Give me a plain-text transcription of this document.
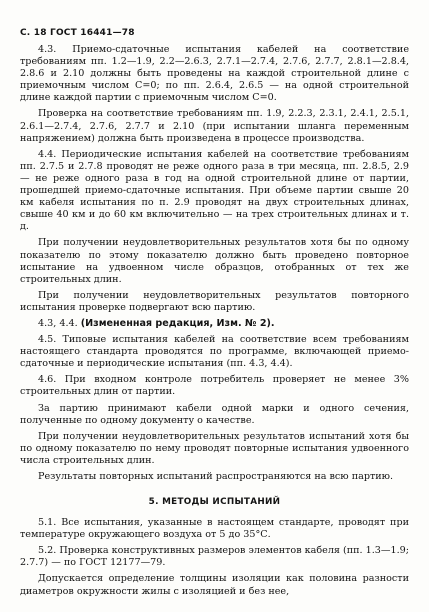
С. 18 ГОСТ 16441—78

4.3. Приемо-сдаточные испытания кабелей на соответствие требованиям пп. 1.2—1.9, 2.2—2.6.3, 2.7.1—2.7.4, 2.7.6, 2.7.7, 2.8.1—2.8.4, 2.8.6 и 2.10 должны быть проведены на каждой строительной длине с приемочным числом С=0; по пп. 2.6.4, 2.6.5 — на одной строительной длине каждой партии с приемочным числом С=0.

Проверка на соответствие требованиям пп. 1.9, 2.2.3, 2.3.1, 2.4.1, 2.5.1, 2.6.1—2.7.4, 2.7.6, 2.7.7 и 2.10 (при испытании шланга переменным напряжением) должна быть произведена в процессе производства.

4.4. Периодические испытания кабелей на соответствие требованиям пп. 2.7.5 и 2.7.8 проводят не реже одного раза в три месяца, пп. 2.8.5, 2.9 — не реже одного раза в год на одной строительной длине от партии, прошедшей приемо-сдаточные испытания. При объеме партии свыше 20 км кабеля испытания по п. 2.9 проводят на двух строительных длинах, свыше 40 км и до 60 км включительно — на трех строительных длинах и т. д.

При получении неудовлетворительных результатов хотя бы по одному показателю по этому показателю должно быть проведено повторное испытание на удвоенном числе образцов, отобранных от тех же строительных длин.

При получении неудовлетворительных результатов повторного испытания проверке подвергают всю партию.

4.3, 4.4. (Измененная редакция, Изм. № 2).

4.5. Типовые испытания кабелей на соответствие всем требованиям настоящего стандарта проводятся по программе, включающей приемо-сдаточные и периодические испытания (пп. 4.3, 4.4).

4.6. При входном контроле потребитель проверяет не менее 3% строительных длин от партии.

За партию принимают кабели одной марки и одного сечения, полученные по одному документу о качестве.

При получении неудовлетворительных результатов испытаний хотя бы по одному показателю по нему проводят повторные испытания удвоенного числа строительных длин.

Результаты повторных испытаний распространяются на всю партию.

5. МЕТОДЫ ИСПЫТАНИЙ

5.1. Все испытания, указанные в настоящем стандарте, проводят при температуре окружающего воздуха от 5 до 35°С.

5.2. Проверка конструктивных размеров элементов кабеля (пп. 1.3—1.9; 2.7.7) — по ГОСТ 12177—79.

Допускается определение толщины изоляции как половина разности диаметров окружности жилы с изоляцией и без нее,
